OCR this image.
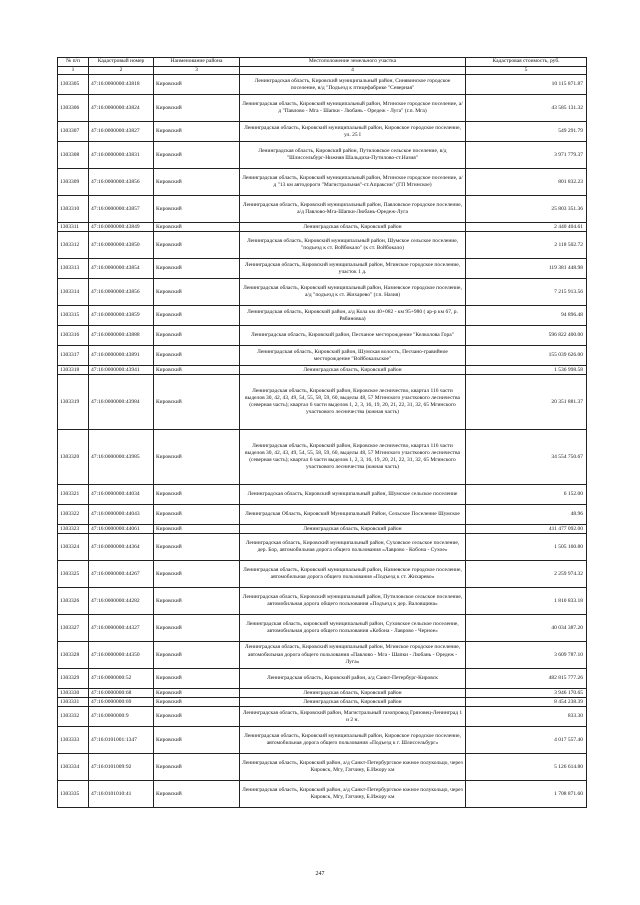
№ п/п	Кадастровый номер	Наименование района	Местоположение земельного участка	Кадастровая стоимость, руб.
1	2	3	4	5
1303305	47:16:0000000:43818	Кировский	Ленинградская область, Кировский муниципальный район, Синявинское городское поселение, в/д "Подъезд к птицефабрике "Северная"	10 115 871.87
1303306	47:16:0000000:43824	Кировский	Ленинградская область, Кировский муниципальный район, Мгинское городское поселение, а/д "Павлово - Мга - Шапки - Любань - Оредеж - Луга" (г.п. Мга)	43 585 131.32
1303307	47:16:0000000:43827	Кировский	Ленинградская область, Кировский муниципальный район, Кировское городское поселение, ул. 25 I	549 291.79
1303308	47:16:0000000:43831	Кировский	Ленинградская область, Кировский район, Путиловское сельское поселение, в/д "Шлиссельбург-Нижняя Шальдиха-Путилово-ст.Назия"	3 971 779.37
1303309	47:16:0000000:43856	Кировский	Ленинградская область, Кировский муниципальный район, Мгинское городское поселение, а/д "13 км автодороги "Магистральная"-ст.Апраксин" (ГП Мгинское)	801 832.23
1303310	47:16:0000000:43857	Кировский	Ленинградская область, Кировский муниципальный район, Павловское городское поселение, а/д Павлово-Мга-Шапки-Любань-Оредеж-Луга	25 803 351.36
1303311	47:16:0000000:43849	Кировский	Ленинградская область, Кировский район	2 440 404.61
1303312	47:16:0000000:43850	Кировский	Ленинградская область, Кировский муниципальный район, Шумское сельское поселение, "подъезд к ст. Войбокало" (к ст. Войбокало)	2 118 502.72
1303313	47:16:0000000:43854	Кировский	Ленинградская область, Кировский муниципальный район, Мгинское городское поселение, участок 1 д.	119 381 448.98
1303314	47:16:0000000:43856	Кировский	Ленинградская область, Кировский муниципальный район, Назиевское городское поселение, а/д "подъезд к ст. Жихарево" (г.п. Назия)	7 215 913.56
1303315	47:16:0000000:43859	Кировский	Ленинградская область, Кировский район, а/д Кола км 40+082 - км 95+980 ( ар-р км 67, р. Рябиновка)	94 896.48
1303316	47:16:0000000:43888	Кировский	Ленинградская область, Кировский район, Песчаное месторождение "Келколова Гора"	596 822 400.00
1303317	47:16:0000000:43891	Кировский	Ленинградская область, Кировский район, Шумская волость, Песчано-гравийное месторождение "Войбокальское"	155 039 626.00
1303318	47:16:0000000:43941	Кировский	Ленинградская область, Кировский район	1 536 998.58
1303319	47:16:0000000:43984	Кировский	Ленинградская область, Кировский район, Кировское лесничество, квартал 116 части выделов 30, 42, 43, 49, 54, 55, 58, 59, 60, выделы 48, 57 Мгинского участкового лесничества (северная часть); квартал 6 части выделов 1, 2, 3, 16, 19, 20, 21, 22, 31, 32, 65 Мгинского участкового лесничества (южная часть)	20 351 881.37
1303320	47:16:0000000:43985	Кировский	Ленинградская область, Кировский район, Кировское лесничество, квартал 116 части выделов 30, 42, 43, 49, 54, 55, 58, 59, 60, выделы 48, 57 Мгинского участкового лесничества (северная часть); квартал 6 части выделов 1, 2, 3, 16, 19, 20, 21, 22, 31, 32, 65 Мгинского участкового лесничества (южная часть)	34 554 750.67
1303321	47:16:0000000:44034	Кировский	Ленинградская область, Кировский муниципальный район, Шумское сельское поселение	6 152.00
1303322	47:16:0000000:44043	Кировский	Ленинградская Область, Кировский Муниципальный Район, Сельское Поселение Шумское	48.96
1303323	47:16:0000000:44061	Кировский	Ленинградская область, Кировский район	411 477 092.00
1303324	47:16:0000000:44364	Кировский	Ленинградская область, Кировский муниципальный район, Суховское сельское поселение, дер. Бор, автомобильная дорога общего пользования «Лаврово - Кобона - Сухое»	1 505 160.80
1303325	47:16:0000000:44267	Кировский	Ленинградская область, Кировский муниципальный район, Назиевское городское поселение, автомобильная дорога общего пользования «Подъезд к ст. Жихарево»	2 259 974.32
1303326	47:16:0000000:44282	Кировский	Ленинградская область, Кировский муниципальный район, Путиловское сельское поселение, автомобильная дорога общего пользования «Подъезд к дер. Валовщина»	1 810 833.18
1303327	47:16:0000000:44327	Кировский	Ленинградская область, кировский муниципальный район, Суховское сельское поселение, автомобильная дорога общего пользования «Кобона - Лаврово - Черное»	40 034 387.20
1303328	47:16:0000000:44350	Кировский	Ленинградская область, Кировский муниципальный район, Мгинское городское поселение, автомобильная дорога общего пользования «Павлово - Мга - Шапки - Любань - Оредеж - Луга»	3 609 787.10
1303329	47:16:0000000:52	Кировский	Ленинградская область, Кировский район, а/д Санкт-Петербург-Кировск	482 815 777.26
1303330	47:16:0000000:68	Кировский	Ленинградская область, Кировский район	3 946 170.65
1303331	47:16:0000000:69	Кировский	Ленинградская область, Кировский район	8 454 238.39
1303332	47:16:0000000:9	Кировский	Ленинградская область, Кировский район, Магистральный газопровод Грязовец-Ленинград 1 и 2 н.	833.30
1303333	47:16:0101001:1347	Кировский	Ленинградская область, Кировский муниципальный район, Кировское городское поселение, автомобильная дорога общего пользования «Подъезд к г. Шлиссельбург»	4 017 557.40
1303334	47:16:0101009:92	Кировский	Ленинградская область, Кировский район, а/д Санкт-Петербургское южное полукольцо, через Кировск, Мгу, Гатчину, Б.Ижору км	5 126 614.80
1303335	47:16:0101010:41	Кировский	Ленинградская область, Кировский район, а/д Санкт-Петербургское южное полукольцо, через Кировск, Мгу, Гатчину, Б.Ижору км	1 708 871.60
247
